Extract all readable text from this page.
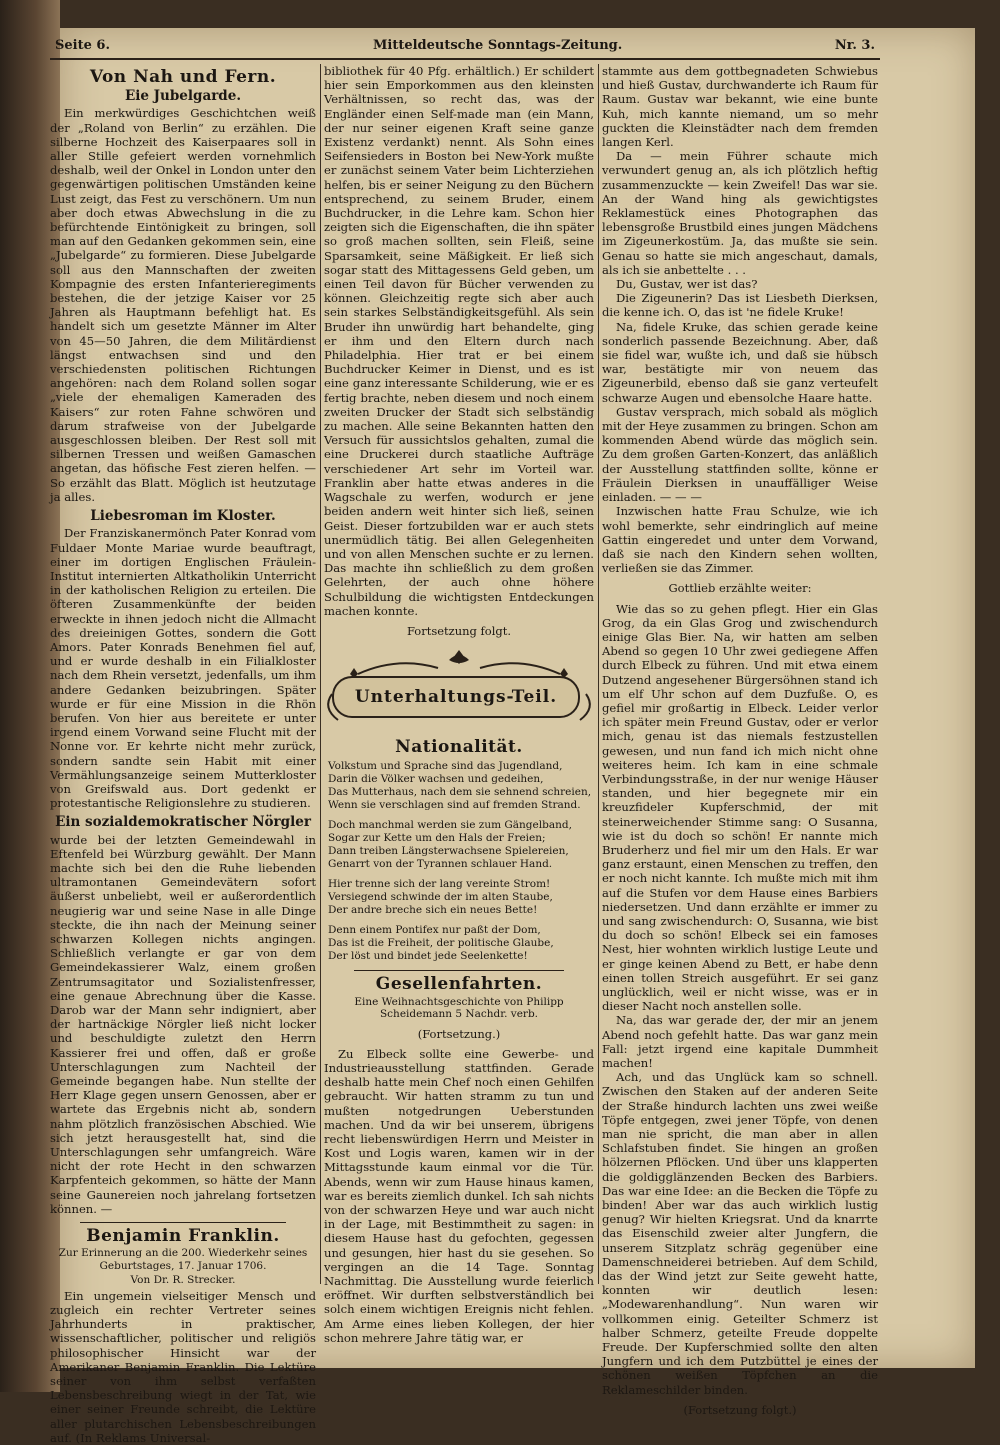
Seite 6.	Mitteldeutsche Sonntags-Zeitung.	Nr. 3.
Von Nah und Fern.
Eie Jubelgarde.

Ein merkwürdiges Geschichtchen weiß der „Roland von Berlin“ zu erzählen. Die silberne Hochzeit des Kaiserpaares soll in aller Stille gefeiert werden vornehmlich deshalb, weil der Onkel in London unter den gegenwärtigen politischen Umständen keine Lust zeigt, das Fest zu verschönern. Um nun aber doch etwas Abwechslung in die zu befürchtende Eintönigkeit zu bringen, soll man auf den Gedanken gekommen sein, eine „Jubelgarde“ zu formieren. Diese Jubelgarde soll aus den Mannschaften der zweiten Kompagnie des ersten Infanterieregiments bestehen, die der jetzige Kaiser vor 25 Jahren als Hauptmann befehligt hat. Es handelt sich um gesetzte Männer im Alter von 45—50 Jahren, die dem Militärdienst längst entwachsen sind und den verschiedensten politischen Richtungen angehören: nach dem Roland sollen sogar „viele der ehemaligen Kameraden des Kaisers“ zur roten Fahne schwören und darum strafweise von der Jubelgarde ausgeschlossen bleiben. Der Rest soll mit silbernen Tressen und weißen Gamaschen angetan, das höfische Fest zieren helfen. — So erzählt das Blatt. Möglich ist heutzutage ja alles.

Liebesroman im Kloster.

Der Franziskanermönch Pater Konrad vom Fuldaer Monte Mariae wurde beauftragt, einer im dortigen Englischen Fräulein-Institut internierten Altkatholikin Unterricht in der katholischen Religion zu erteilen. Die öfteren Zusammenkünfte der beiden erweckte in ihnen jedoch nicht die Allmacht des dreieinigen Gottes, sondern die Gott Amors. Pater Konrads Benehmen fiel auf, und er wurde deshalb in ein Filialkloster nach dem Rhein versetzt, jedenfalls, um ihm andere Gedanken beizubringen. Später wurde er für eine Mission in die Rhön berufen. Von hier aus bereitete er unter irgend einem Vorwand seine Flucht mit der Nonne vor. Er kehrte nicht mehr zurück, sondern sandte sein Habit mit einer Vermählungsanzeige seinem Mutterkloster von Greifswald aus. Dort gedenkt er protestantische Religionslehre zu studieren.

Ein sozialdemokratischer Nörgler

wurde bei der letzten Gemeindewahl in Eftenfeld bei Würzburg gewählt. Der Mann machte sich bei den die Ruhe liebenden ultramontanen Gemeindevätern sofort äußerst unbeliebt, weil er außerordentlich neugierig war und seine Nase in alle Dinge steckte, die ihn nach der Meinung seiner schwarzen Kollegen nichts angingen. Schließlich verlangte er gar von dem Gemeindekassierer Walz, einem großen Zentrumsagitator und Sozialistenfresser, eine genaue Abrechnung über die Kasse. Darob war der Mann sehr indigniert, aber der hartnäckige Nörgler ließ nicht locker und beschuldigte zuletzt den Herrn Kassierer frei und offen, daß er große Unterschlagungen zum Nachteil der Gemeinde begangen habe. Nun stellte der Herr Klage gegen unsern Genossen, aber er wartete das Ergebnis nicht ab, sondern nahm plötzlich französischen Abschied. Wie sich jetzt herausgestellt hat, sind die Unterschlagungen sehr umfangreich. Wäre nicht der rote Hecht in den schwarzen Karpfenteich gekommen, so hätte der Mann seine Gaunereien noch jahrelang fortsetzen können. —

Benjamin Franklin.
Zur Erinnerung an die 200. Wiederkehr seines Geburtstages, 17. Januar 1706.
Von Dr. R. Strecker.

Ein ungemein vielseitiger Mensch und zugleich ein rechter Vertreter seines Jahrhunderts in praktischer, wissenschaftlicher, politischer und religiös philosophischer Hinsicht war der Amerikaner Benjamin Franklin. Die Lektüre seiner von ihm selbst verfaßten Lebensbeschreibung wiegt in der Tat, wie einer seiner Freunde schreibt, die Lektüre aller plutarchischen Lebensbeschreibungen auf. (In Reklams Universal-

bibliothek für 40 Pfg. erhältlich.) Er schildert hier sein Emporkommen aus den kleinsten Verhältnissen, so recht das, was der Engländer einen Self-made man (ein Mann, der nur seiner eigenen Kraft seine ganze Existenz verdankt) nennt. Als Sohn eines Seifensieders in Boston bei New-York mußte er zunächst seinem Vater beim Lichterziehen helfen, bis er seiner Neigung zu den Büchern entsprechend, zu seinem Bruder, einem Buchdrucker, in die Lehre kam. Schon hier zeigten sich die Eigenschaften, die ihn später so groß machen sollten, sein Fleiß, seine Sparsamkeit, seine Mäßigkeit. Er ließ sich sogar statt des Mittagessens Geld geben, um einen Teil davon für Bücher verwenden zu können. Gleichzeitig regte sich aber auch sein starkes Selbständigkeitsgefühl. Als sein Bruder ihn unwürdig hart behandelte, ging er ihm und den Eltern durch nach Philadelphia. Hier trat er bei einem Buchdrucker Keimer in Dienst, und es ist eine ganz interessante Schilderung, wie er es fertig brachte, neben diesem und noch einem zweiten Drucker der Stadt sich selbständig zu machen. Alle seine Bekannten hatten den Versuch für aussichtslos gehalten, zumal die eine Druckerei durch staatliche Aufträge verschiedener Art sehr im Vorteil war. Franklin aber hatte etwas anderes in die Wagschale zu werfen, wodurch er jene beiden andern weit hinter sich ließ, seinen Geist. Dieser fortzubilden war er auch stets unermüdlich tätig. Bei allen Gelegenheiten und von allen Menschen suchte er zu lernen. Das machte ihn schließlich zu dem großen Gelehrten, der auch ohne höhere Schulbildung die wichtigsten Entdeckungen machen konnte.

Fortsetzung folgt.
Unterhaltungs-Teil.
Nationalität.
Volkstum und Sprache sind das Jugendland,
Darin die Völker wachsen und gedeihen,
Das Mutterhaus, nach dem sie sehnend schreien,
Wenn sie verschlagen sind auf fremden Strand.
Doch manchmal werden sie zum Gängelband,
Sogar zur Kette um den Hals der Freien;
Dann treiben Längsterwachsene Spielereien,
Genarrt von der Tyrannen schlauer Hand.
Hier trenne sich der lang vereinte Strom!
Versiegend schwinde der im alten Staube,
Der andre breche sich ein neues Bette!
Denn einem Pontifex nur paßt der Dom,
Das ist die Freiheit, der politische Glaube,
Der löst und bindet jede Seelenkette!
Gesellenfahrten.
Eine Weihnachtsgeschichte von Philipp Scheidemann 5 Nachdr. verb.
(Fortsetzung.)

Zu Elbeck sollte eine Gewerbe- und Industrieausstellung stattfinden. Gerade deshalb hatte mein Chef noch einen Gehilfen gebraucht. Wir hatten stramm zu tun und mußten notgedrungen Ueberstunden machen. Und da wir bei unserem, übrigens recht liebenswürdigen Herrn und Meister in Kost und Logis waren, kamen wir in der Mittagsstunde kaum einmal vor die Tür. Abends, wenn wir zum Hause hinaus kamen, war es bereits ziemlich dunkel. Ich sah nichts von der schwarzen Heye und war auch nicht in der Lage, mit Bestimmtheit zu sagen: in diesem Hause hast du gefochten, gegessen und gesungen, hier hast du sie gesehen. So vergingen an die 14 Tage. Sonntag Nachmittag. Die Ausstellung wurde feierlich eröffnet. Wir durften selbstverständlich bei solch einem wichtigen Ereignis nicht fehlen. Am Arme eines lieben Kollegen, der hier schon mehrere Jahre tätig war, er

stammte aus dem gottbegnadeten Schwiebus und hieß Gustav, durchwanderte ich Raum für Raum. Gustav war bekannt, wie eine bunte Kuh, mich kannte niemand, um so mehr guckten die Kleinstädter nach dem fremden langen Kerl.

Da — mein Führer schaute mich verwundert genug an, als ich plötzlich heftig zusammenzuckte — kein Zweifel! Das war sie. An der Wand hing als gewichtigstes Reklamestück eines Photographen das lebensgroße Brustbild eines jungen Mädchens im Zigeunerkostüm. Ja, das mußte sie sein. Genau so hatte sie mich angeschaut, damals, als ich sie anbettelte . . .

Du, Gustav, wer ist das?

Die Zigeunerin? Das ist Liesbeth Dierksen, die kenne ich. O, das ist 'ne fidele Kruke!

Na, fidele Kruke, das schien gerade keine sonderlich passende Bezeichnung. Aber, daß sie fidel war, wußte ich, und daß sie hübsch war, bestätigte mir von neuem das Zigeunerbild, ebenso daß sie ganz verteufelt schwarze Augen und ebensolche Haare hatte.

Gustav versprach, mich sobald als möglich mit der Heye zusammen zu bringen. Schon am kommenden Abend würde das möglich sein. Zu dem großen Garten-Konzert, das anläßlich der Ausstellung stattfinden sollte, könne er Fräulein Dierksen in unauffälliger Weise einladen. — — —

Inzwischen hatte Frau Schulze, wie ich wohl bemerkte, sehr eindringlich auf meine Gattin eingeredet und unter dem Vorwand, daß sie nach den Kindern sehen wollten, verließen sie das Zimmer.

Gottlieb erzählte weiter:

Wie das so zu gehen pflegt. Hier ein Glas Grog, da ein Glas Grog und zwischendurch einige Glas Bier. Na, wir hatten am selben Abend so gegen 10 Uhr zwei gediegene Affen durch Elbeck zu führen. Und mit etwa einem Dutzend angesehener Bürgersöhnen stand ich um elf Uhr schon auf dem Duzfuße. O, es gefiel mir großartig in Elbeck. Leider verlor ich später mein Freund Gustav, oder er verlor mich, genau ist das niemals festzustellen gewesen, und nun fand ich mich nicht ohne weiteres heim. Ich kam in eine schmale Verbindungsstraße, in der nur wenige Häuser standen, und hier begegnete mir ein kreuzfideler Kupferschmid, der mit steinerweichender Stimme sang: O Susanna, wie ist du doch so schön! Er nannte mich Bruderherz und fiel mir um den Hals. Er war ganz erstaunt, einen Menschen zu treffen, den er noch nicht kannte. Ich mußte mich mit ihm auf die Stufen vor dem Hause eines Barbiers niedersetzen. Und dann erzählte er immer zu und sang zwischendurch: O, Susanna, wie bist du doch so schön! Elbeck sei ein famoses Nest, hier wohnten wirklich lustige Leute und er ginge keinen Abend zu Bett, er habe denn einen tollen Streich ausgeführt. Er sei ganz unglücklich, weil er nicht wisse, was er in dieser Nacht noch anstellen solle.

Na, das war gerade der, der mir an jenem Abend noch gefehlt hatte. Das war ganz mein Fall: jetzt irgend eine kapitale Dummheit machen!

Ach, und das Unglück kam so schnell. Zwischen den Staken auf der anderen Seite der Straße hindurch lachten uns zwei weiße Töpfe entgegen, zwei jener Töpfe, von denen man nie spricht, die man aber in allen Schlafstuben findet. Sie hingen an großen hölzernen Pflöcken. Und über uns klapperten die goldigglänzenden Becken des Barbiers. Das war eine Idee: an die Becken die Töpfe zu binden! Aber war das auch wirklich lustig genug? Wir hielten Kriegsrat. Und da knarrte das Eisenschild zweier alter Jungfern, die unserem Sitzplatz schräg gegenüber eine Damenschneiderei betrieben. Auf dem Schild, das der Wind jetzt zur Seite geweht hatte, konnten wir deutlich lesen: „Modewarenhandlung“. Nun waren wir vollkommen einig. Geteilter Schmerz ist halber Schmerz, geteilte Freude doppelte Freude. Der Kupferschmied sollte den alten Jungfern und ich dem Putzbüttel je eines der schönen weißen Töpfchen an die Reklameschilder binden.

(Fortsetzung folgt.)
